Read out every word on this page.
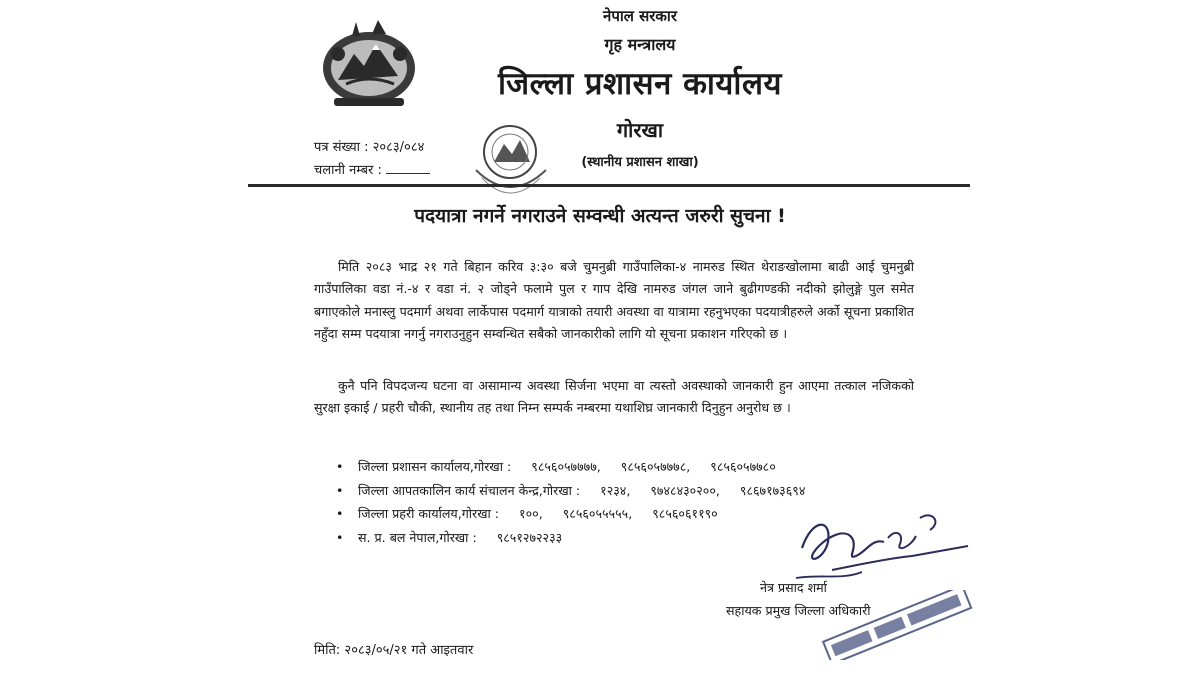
नेपाल सरकार
गृह मन्त्रालय
जिल्ला प्रशासन कार्यालय
गोरखा
(स्थानीय प्रशासन शाखा)
पत्र संख्या : २०८३/०८४
चलानी नम्बर :
पदयात्रा नगर्ने नगराउने सम्वन्धी अत्यन्त जरुरी सुचना !

मिति २०८३ भाद्र २१ गते बिहान करिव ३:३० बजे चुमनुब्री गाउँपालिका-४ नामरुड स्थित थेराङखोलामा बाढी आई चुमनुब्री गाउँपालिका वडा नं.-४ र वडा नं. २ जोड्ने फलामे पुल र गाप देखि नामरुड जंगल जाने बुढीगण्डकी नदीको झोलुङ्गे पुल समेत बगाएकोले मनास्लु पदमार्ग अथवा लार्केपास पदमार्ग यात्राको तयारी अवस्था वा यात्रामा रहनुभएका पदयात्रीहरुले अर्को सूचना प्रकाशित नहुँदा सम्म पदयात्रा नगर्नु नगराउनुहुन सम्वन्धित सबैको जानकारीको लागि यो सूचना प्रकाशन गरिएको छ ।

कुनै पनि विपदजन्य घटना वा असामान्य अवस्था सिर्जना भएमा वा त्यस्तो अवस्थाको जानकारी हुन आएमा तत्काल नजिकको सुरक्षा इकाई / प्रहरी चौकी, स्थानीय तह तथा निम्न सम्पर्क नम्बरमा यथाशिघ्र जानकारी दिनुहुन अनुरोध छ ।

• जिल्ला प्रशासन कार्यालय,गोरखा : ९८५६०५७७७७, ९८५६०५७७७८, ९८५६०५७७८०
• जिल्ला आपतकालिन कार्य संचालन केन्द्र,गोरखा : १२३४, ९७४८४३०२००, ९८६७१७३६९४
• जिल्ला प्रहरी कार्यालय,गोरखा : १००, ९८५६०५५५५५, ९८५६०६११९०
• स. प्र. बल नेपाल,गोरखा : ९८५१२७२२३३
नेत्र प्रसाद शर्मा
सहायक प्रमुख जिल्ला अधिकारी
मिति: २०८३/०५/२१ गते आइतवार
